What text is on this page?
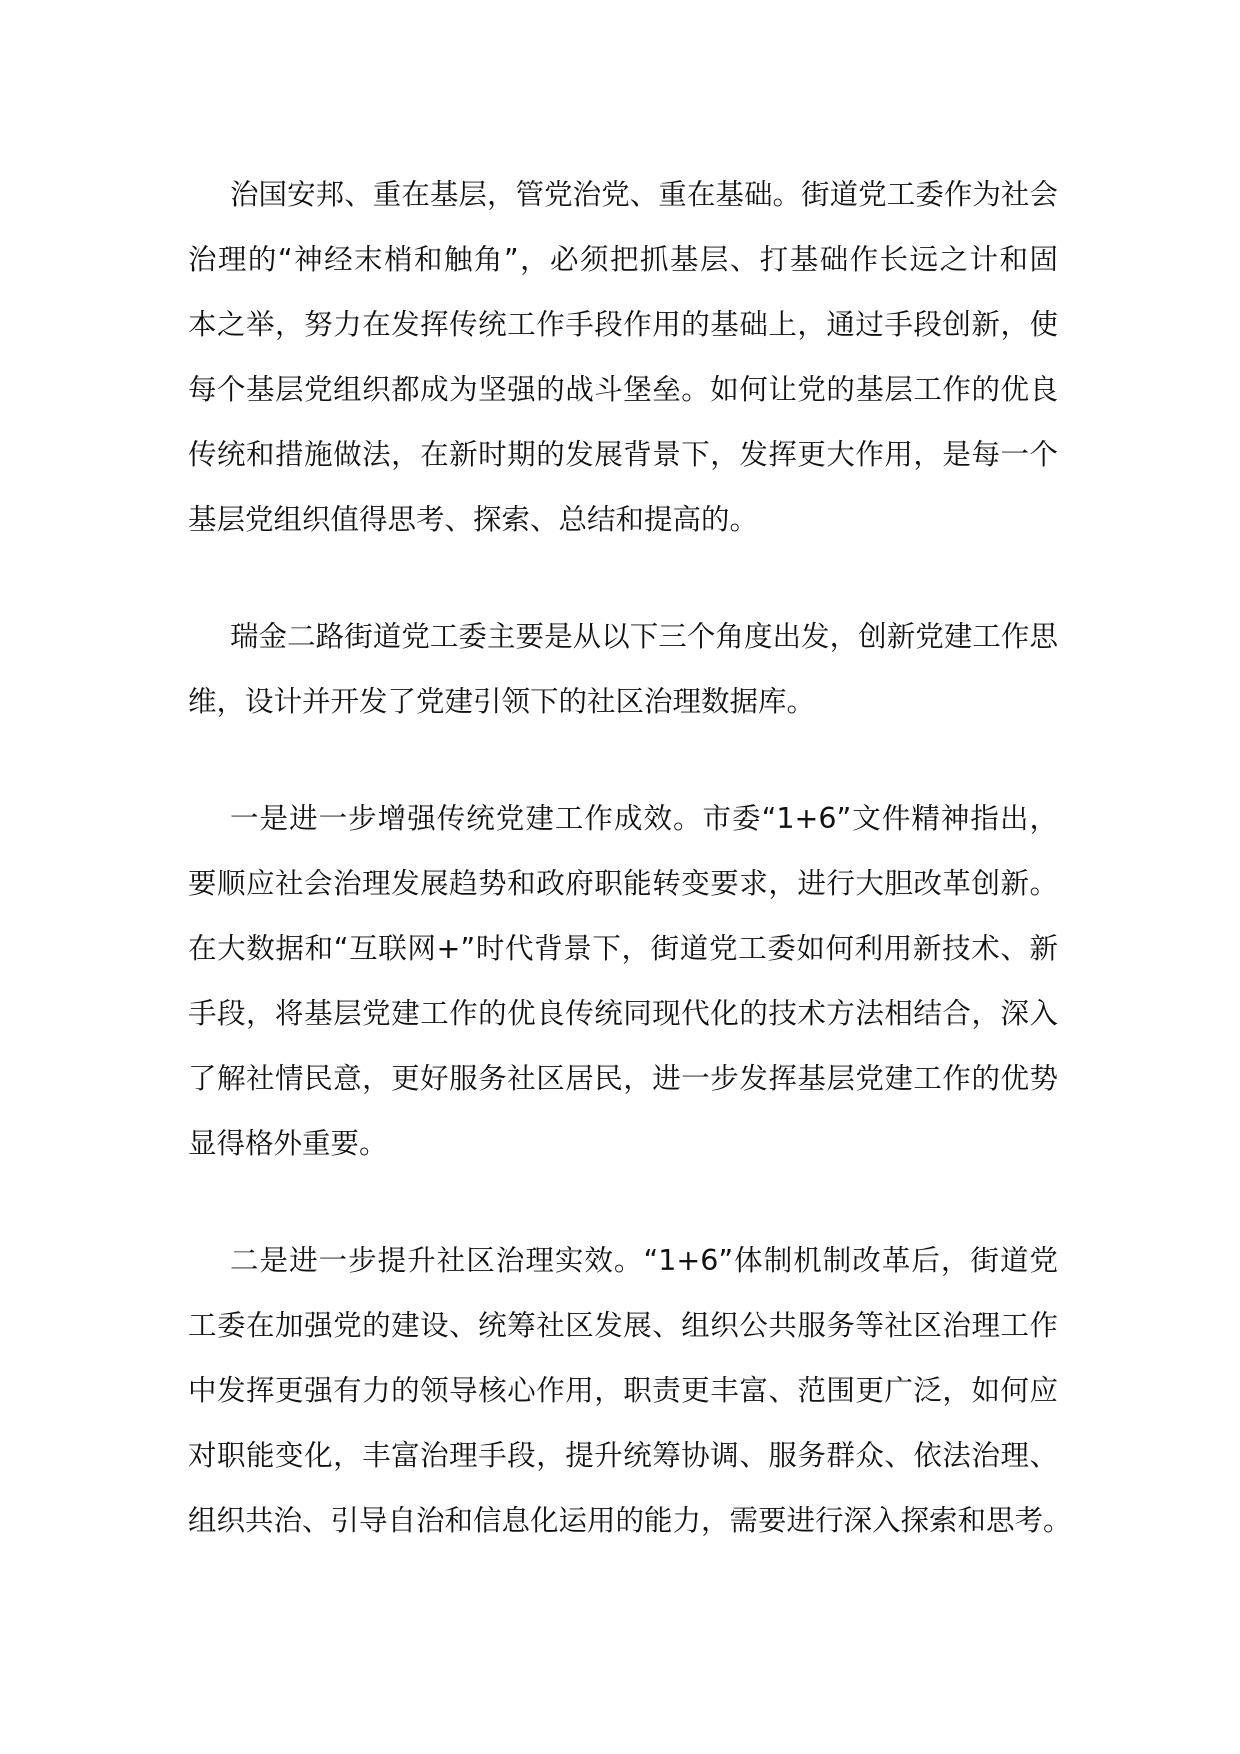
治国安邦、重在基层，管党治党、重在基础。街道党工委作为社会
治理的“神经末梢和触角”，必须把抓基层、打基础作长远之计和固
本之举，努力在发挥传统工作手段作用的基础上，通过手段创新，使
每个基层党组织都成为坚强的战斗堡垒。如何让党的基层工作的优良
传统和措施做法，在新时期的发展背景下，发挥更大作用，是每一个
基层党组织值得思考、探索、总结和提高的。
瑞金二路街道党工委主要是从以下三个角度出发，创新党建工作思
维，设计并开发了党建引领下的社区治理数据库。
一是进一步增强传统党建工作成效。市委“1+6”文件精神指出，
要顺应社会治理发展趋势和政府职能转变要求，进行大胆改革创新。
在大数据和“互联网+”时代背景下，街道党工委如何利用新技术、新
手段，将基层党建工作的优良传统同现代化的技术方法相结合，深入
了解社情民意，更好服务社区居民，进一步发挥基层党建工作的优势
显得格外重要。
二是进一步提升社区治理实效。“1+6”体制机制改革后，街道党
工委在加强党的建设、统筹社区发展、组织公共服务等社区治理工作
中发挥更强有力的领导核心作用，职责更丰富、范围更广泛，如何应
对职能变化，丰富治理手段，提升统筹协调、服务群众、依法治理、
组织共治、引导自治和信息化运用的能力，需要进行深入探索和思考。
